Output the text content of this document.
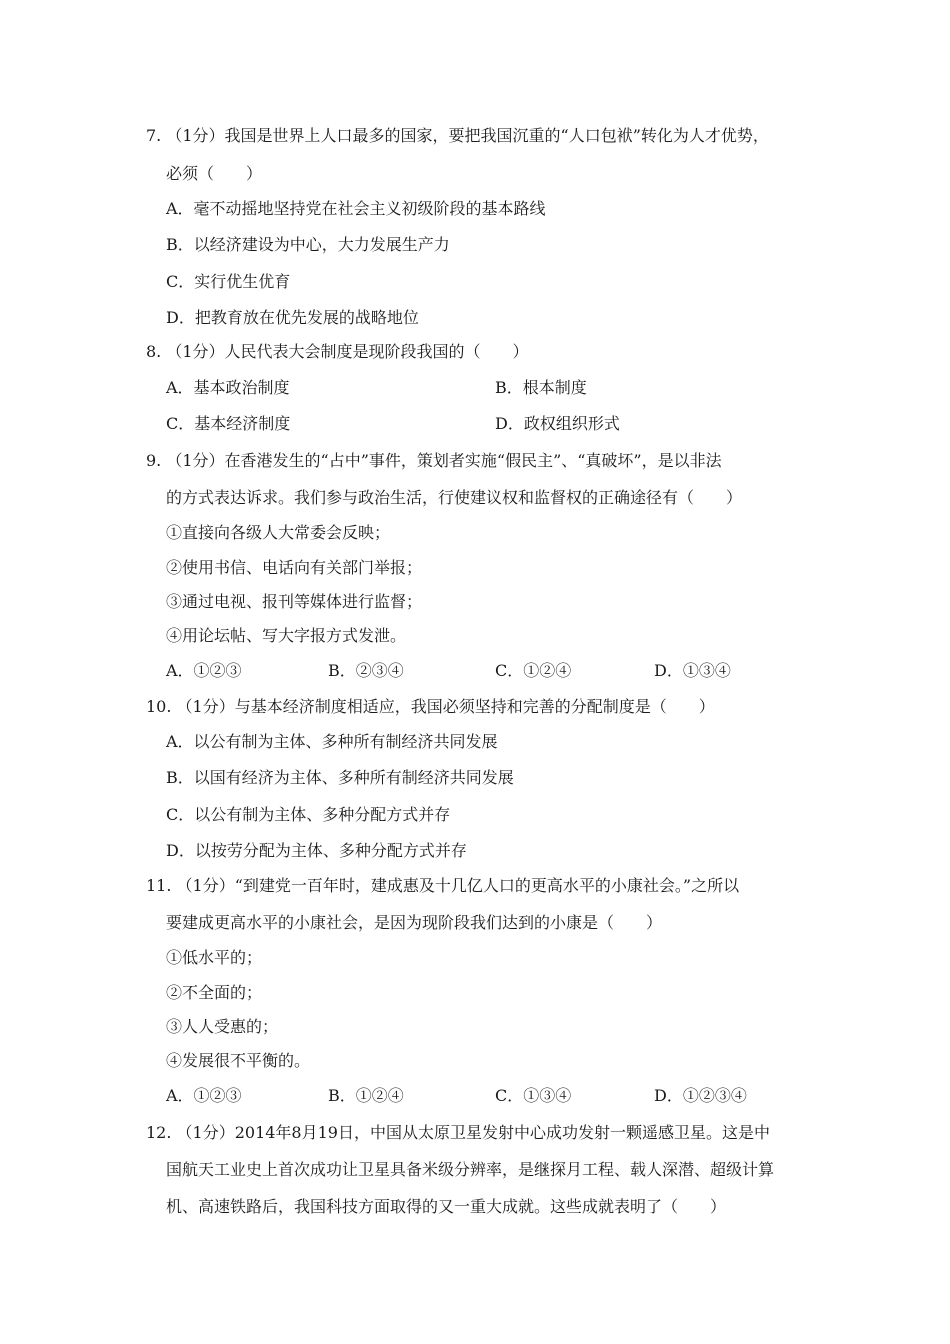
7. （1分）我国是世界上人口最多的国家，要把我国沉重的“人口包袱”转化为人才优势，
必须（　　）
A．毫不动摇地坚持党在社会主义初级阶段的基本路线
B．以经济建设为中心，大力发展生产力
C．实行优生优育
D．把教育放在优先发展的战略地位
8. （1分）人民代表大会制度是现阶段我国的（　　）
A．基本政治制度	B．根本制度
C．基本经济制度	D．政权组织形式
9. （1分）在香港发生的“占中”事件，策划者实施“假民主”、“真破坏”，是以非法
的方式表达诉求。我们参与政治生活，行使建议权和监督权的正确途径有（　　）
①直接向各级人大常委会反映；
②使用书信、电话向有关部门举报；
③通过电视、报刊等媒体进行监督；
④用论坛帖、写大字报方式发泄。
A．①②③	B．②③④	C．①②④	D．①③④
10. （1分）与基本经济制度相适应，我国必须坚持和完善的分配制度是（　　）
A．以公有制为主体、多种所有制经济共同发展
B．以国有经济为主体、多种所有制经济共同发展
C．以公有制为主体、多种分配方式并存
D．以按劳分配为主体、多种分配方式并存
11. （1分）“到建党一百年时，建成惠及十几亿人口的更高水平的小康社会。”之所以
要建成更高水平的小康社会，是因为现阶段我们达到的小康是（　　）
①低水平的；
②不全面的；
③人人受惠的；
④发展很不平衡的。
A．①②③	B．①②④	C．①③④	D．①②③④
12. （1分）2014年8月19日，中国从太原卫星发射中心成功发射一颗遥感卫星。这是中
国航天工业史上首次成功让卫星具备米级分辨率，是继探月工程、载人深潜、超级计算
机、高速铁路后，我国科技方面取得的又一重大成就。这些成就表明了（　　）
